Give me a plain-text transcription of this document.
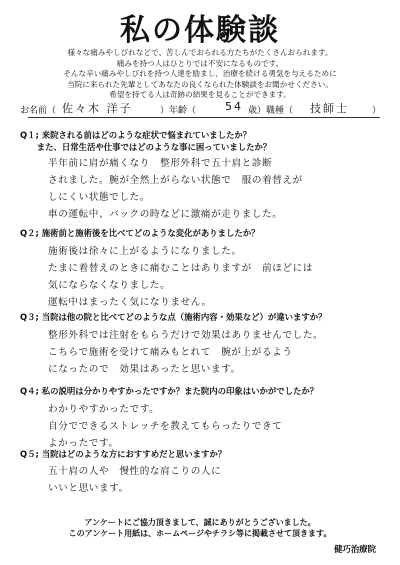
私の体験談
様々な痛みやしびれなどで、苦しんでおられる方たちがたくさんおられます。
痛みを持つ人はひとりでは不安になるものです。
そんな辛い痛みやしびれを持つ人達を励まし、治療を続ける勇気を与えるために
当院に来られた先輩としてあなたの良くなられた体験談をお聞かせください。
希望を持てる人は奇跡の結果を見ることができます。
お名前（ 佐々木 洋子	）年齢（	54 歳）職種（ 技師士	）
Q１; 来院される前はどのような症状で悩まれていましたか？
　　また、日常生活や仕事ではどのような事に困っていましたか？
半年前に肩が痛くなり　整形外科で五十肩と診断
されました。腕が全然上がらない状態で　服の着替えが
しにくい状態でした。
車の運転中、バックの時などに激痛が走りました。
Q２; 施術前と施術後を比べてどのような変化がありましたか？
施術後は徐々に上がるようになりました。
たまに着替えのときに痛むことはありますが　前ほどには
気にならなくなりました。
運転中はまったく気になりません。
Q３; 当院は他の院と比べてどのような点（施術内容・効果など）が違いますか？
整形外科では注射をもらうだけで効果はありませんでした。
こちらで施術を受けて痛みもとれて　腕が上がるよう
になったので　効果はあったと思います。
Q４; 私の説明は分かりやすかったですか？また院内の印象はいかがでしたか？
わかりやすかったです。
自分でできるストレッチを教えてもらったりできて
よかったです。
Q５; 当院はどのような方におすすめだと思いますか？
五十肩の人や　慢性的な肩こりの人に
いいと思います。
アンケートにご協力頂きまして、誠にありがとうございました。
このアンケート用紙は、ホームページやチラシ等に掲載させて頂きます。
健巧治療院
